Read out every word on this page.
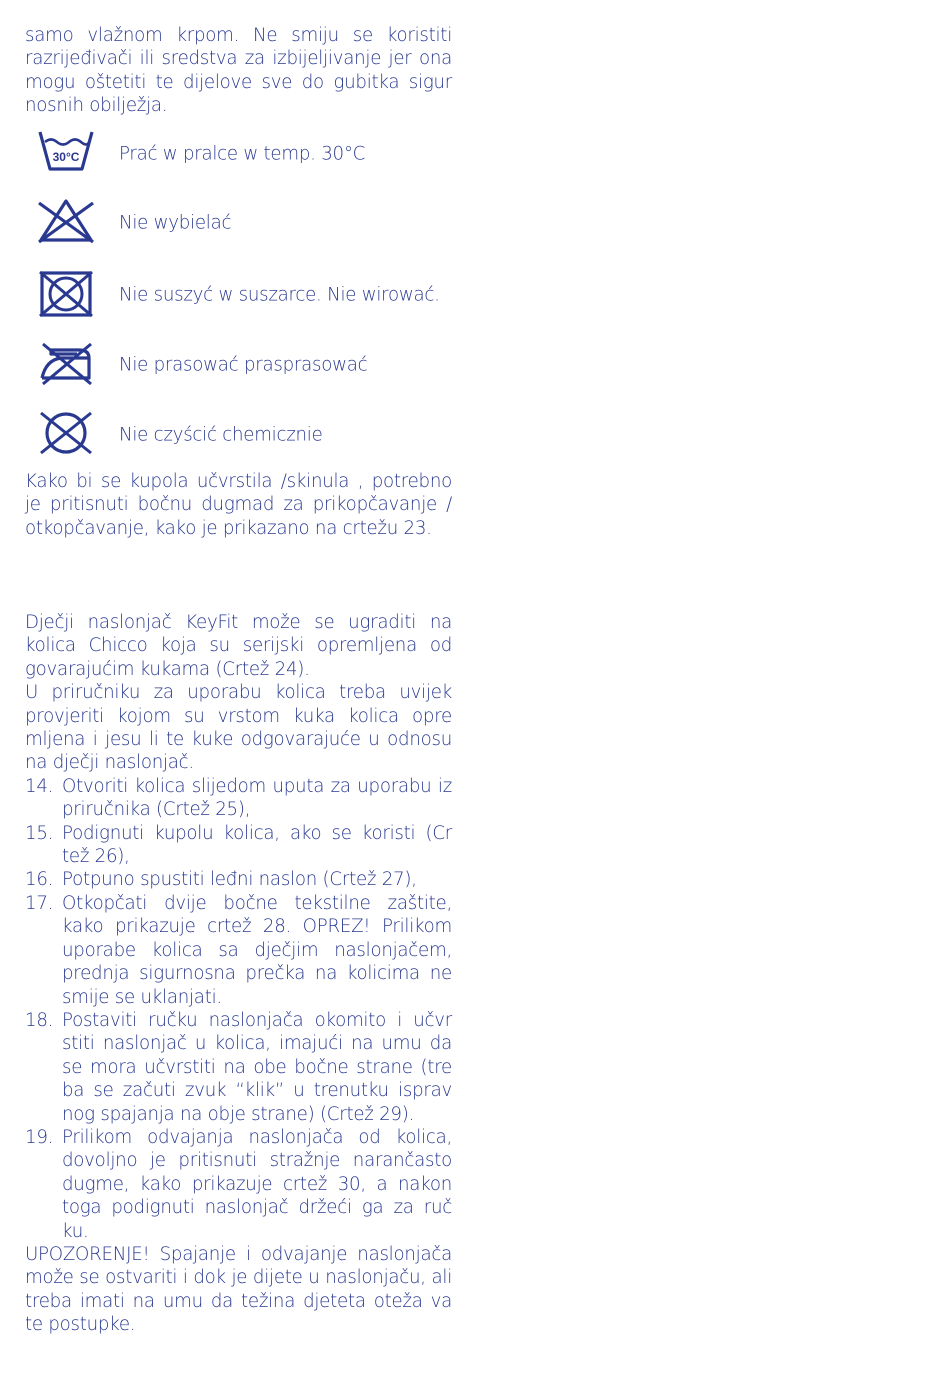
samo vlažnom krpom. Ne smiju se koristiti razrijeđivači ili sredstva za izbijeljivanje jer ona mogu oštetiti te dijelove sve do gubitka sigur nosnih obilježja.

30°C Prać w pralce w temp. 30°C
Nie wybielać
Nie suszyć w suszarce. Nie wirować.
Nie prasować prasprasować
Nie czyścić chemicznie

Kako bi se kupola učvrstila /skinula , potrebno je pritisnuti bočnu dugmad za prikopčavanje / otkopčavanje, kako je prikazano na crtežu 23.

Dječji naslonjač KeyFit može se ugraditi na kolica Chicco koja su serijski opremljena od govarajućim kukama (Crtež 24).

U priručniku za uporabu kolica treba uvijek provjeriti kojom su vrstom kuka kolica opre mljena i jesu li te kuke odgovarajuće u odnosu na dječji naslonjač.

14. Otvoriti kolica slijedom uputa za uporabu iz priručnika (Crtež 25),
15. Podignuti kupolu kolica, ako se koristi (Cr tež 26),
16. Potpuno spustiti leđni naslon (Crtež 27),
17. Otkopčati dvije bočne tekstilne zaštite, kako prikazuje crtež 28. OPREZ! Prilikom uporabe kolica sa dječjim naslonjačem, prednja sigurnosna prečka na kolicima ne smije se uklanjati.
18. Postaviti ručku naslonjača okomito i učvr stiti naslonjač u kolica, imajući na umu da se mora učvrstiti na obe bočne strane (tre ba se začuti zvuk “klik” u trenutku isprav nog spajanja na obje strane) (Crtež 29).
19. Prilikom odvajanja naslonjača od kolica, dovoljno je pritisnuti stražnje narančasto dugme, kako prikazuje crtež 30, a nakon toga podignuti naslonjač držeći ga za ruč ku.

UPOZORENJE! Spajanje i odvajanje naslonjača može se ostvariti i dok je dijete u naslonjaču, ali treba imati na umu da težina djeteta oteža va te postupke.
